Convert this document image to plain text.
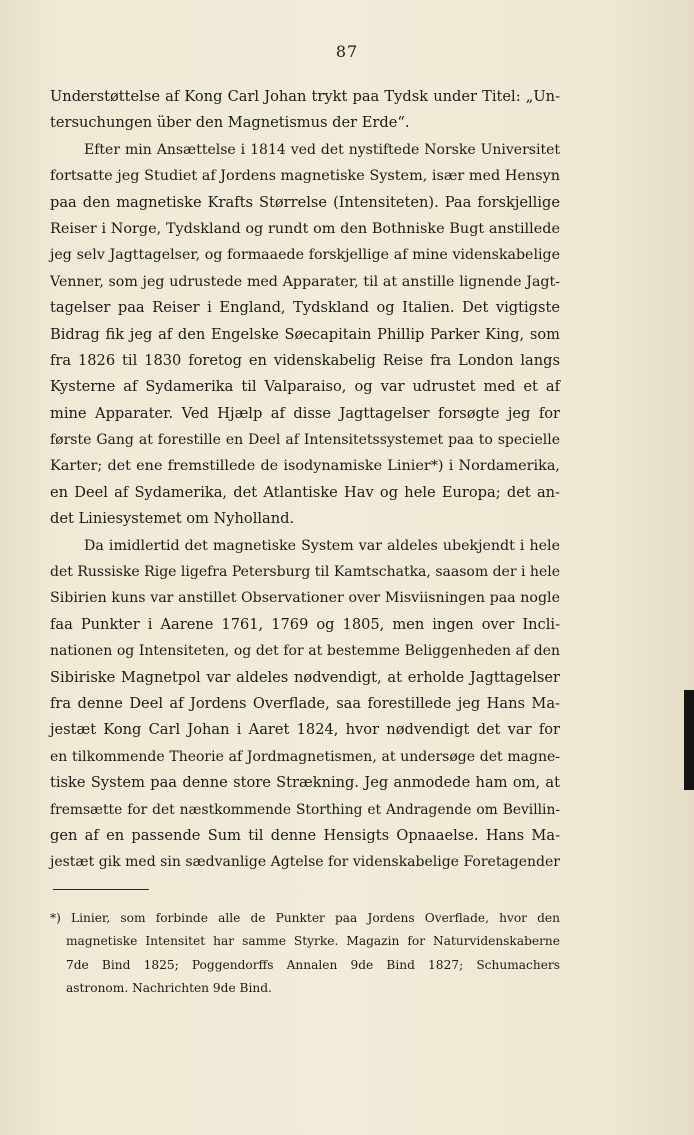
87
Understøttelse af Kong Carl Johan trykt paa Tydsk under Titel: „Un-
tersuchungen über den Magnetismus der Erde“.
Efter min Ansættelse i 1814 ved det nystiftede Norske Universitet
fortsatte jeg Studiet af Jordens magnetiske System, især med Hensyn
paa den magnetiske Krafts Størrelse (Intensiteten). Paa forskjellige
Reiser i Norge, Tydskland og rundt om den Bothniske Bugt anstillede
jeg selv Jagttagelser, og formaaede forskjellige af mine videnskabelige
Venner, som jeg udrustede med Apparater, til at anstille lignende Jagt-
tagelser paa Reiser i England, Tydskland og Italien. Det vigtigste
Bidrag fik jeg af den Engelske Søecapitain Phillip Parker King, som
fra 1826 til 1830 foretog en videnskabelig Reise fra London langs
Kysterne af Sydamerika til Valparaiso, og var udrustet med et af
mine Apparater. Ved Hjælp af disse Jagttagelser forsøgte jeg for
første Gang at forestille en Deel af Intensitetssystemet paa to specielle
Karter; det ene fremstillede de isodynamiske Linier*) i Nordamerika,
en Deel af Sydamerika, det Atlantiske Hav og hele Europa; det an-
det Liniesystemet om Nyholland.
Da imidlertid det magnetiske System var aldeles ubekjendt i hele
det Russiske Rige ligefra Petersburg til Kamtschatka, saasom der i hele
Sibirien kuns var anstillet Observationer over Misviisningen paa nogle
faa Punkter i Aarene 1761, 1769 og 1805, men ingen over Incli-
nationen og Intensiteten, og det for at bestemme Beliggenheden af den
Sibiriske Magnetpol var aldeles nødvendigt, at erholde Jagttagelser
fra denne Deel af Jordens Overflade, saa forestillede jeg Hans Ma-
jestæt Kong Carl Johan i Aaret 1824, hvor nødvendigt det var for
en tilkommende Theorie af Jordmagnetismen, at undersøge det magne-
tiske System paa denne store Strækning. Jeg anmodede ham om, at
fremsætte for det næstkommende Storthing et Andragende om Bevillin-
gen af en passende Sum til denne Hensigts Opnaaelse. Hans Ma-
jestæt gik med sin sædvanlige Agtelse for videnskabelige Foretagender
*) Linier, som forbinde alle de Punkter paa Jordens Overflade, hvor den
magnetiske Intensitet har samme Styrke. Magazin for Naturvidenskaberne
7de Bind 1825; Poggendorffs Annalen 9de Bind 1827; Schumachers
astronom. Nachrichten 9de Bind.
